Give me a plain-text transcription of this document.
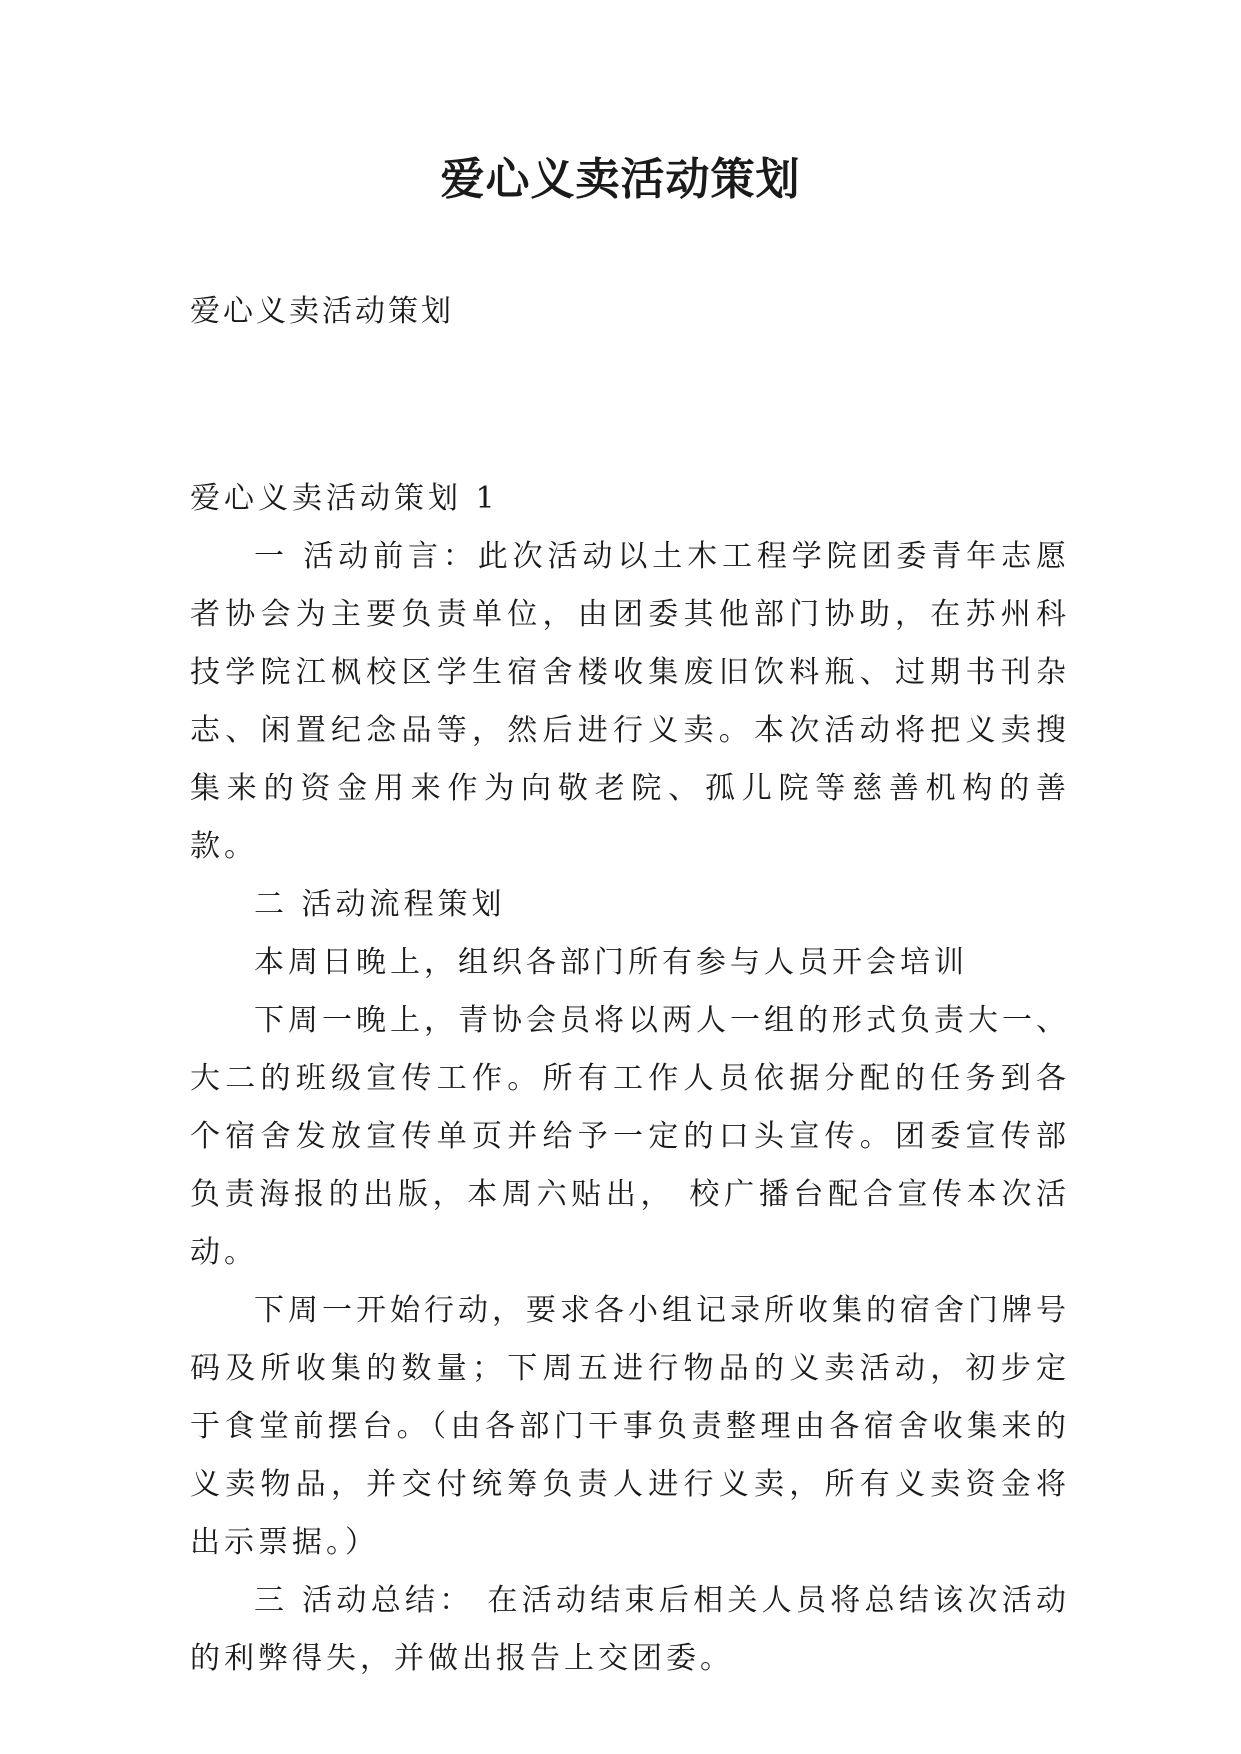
爱心义卖活动策划
爱心义卖活动策划

爱心义卖活动策划 1

一 活动前言：此次活动以土木工程学院团委青年志愿者协会为主要负责单位，由团委其他部门协助，在苏州科技学院江枫校区学生宿舍楼收集废旧饮料瓶、过期书刊杂志、闲置纪念品等，然后进行义卖。本次活动将把义卖搜集来的资金用来作为向敬老院、孤儿院等慈善机构的善款。

二 活动流程策划

本周日晚上，组织各部门所有参与人员开会培训

下周一晚上，青协会员将以两人一组的形式负责大一、大二的班级宣传工作。所有工作人员依据分配的任务到各个宿舍发放宣传单页并给予一定的口头宣传。团委宣传部负责海报的出版，本周六贴出， 校广播台配合宣传本次活动。

下周一开始行动，要求各小组记录所收集的宿舍门牌号码及所收集的数量；下周五进行物品的义卖活动，初步定于食堂前摆台。（由各部门干事负责整理由各宿舍收集来的义卖物品，并交付统筹负责人进行义卖，所有义卖资金将出示票据。）

三 活动总结： 在活动结束后相关人员将总结该次活动的利弊得失，并做出报告上交团委。
